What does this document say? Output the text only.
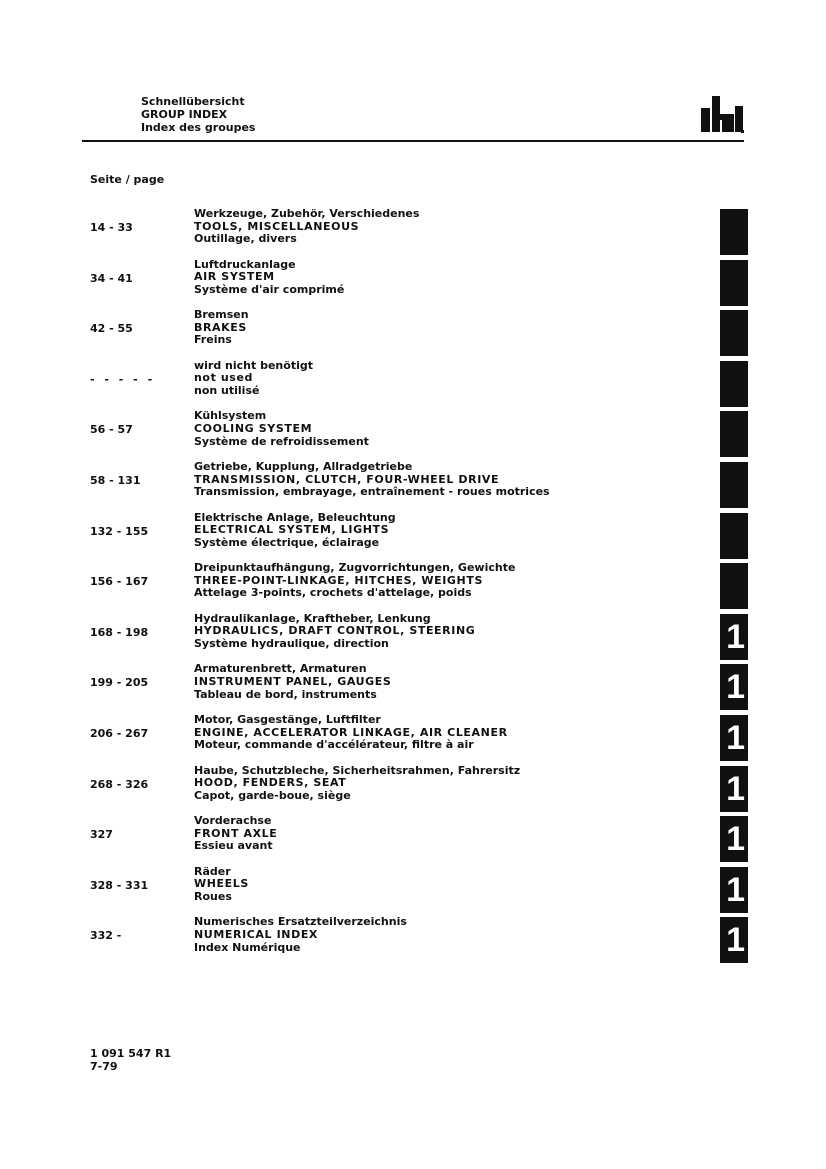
Schnellübersicht
GROUP INDEX
Index des groupes
Seite / page
14 - 33
Werkzeuge, Zubehör, Verschiedenes
TOOLS, MISCELLANEOUS
Outillage, divers
34 - 41
Luftdruckanlage
AIR SYSTEM
Système d'air comprimé
42 - 55
Bremsen
BRAKES
Freins
- - - - -
wird nicht benötigt
not used
non utilisé
56 - 57
Kühlsystem
COOLING SYSTEM
Système de refroidissement
58 - 131
Getriebe, Kupplung, Allradgetriebe
TRANSMISSION, CLUTCH, FOUR-WHEEL DRIVE
Transmission, embrayage, entraînement - roues motrices
132 - 155
Elektrische Anlage, Beleuchtung
ELECTRICAL SYSTEM, LIGHTS
Système électrique, éclairage
156 - 167
Dreipunktaufhängung, Zugvorrichtungen, Gewichte
THREE-POINT-LINKAGE, HITCHES, WEIGHTS
Attelage 3-points, crochets d'attelage, poids
168 - 198
Hydraulikanlage, Kraftheber, Lenkung
HYDRAULICS, DRAFT CONTROL, STEERING
Système hydraulique, direction
199 - 205
Armaturenbrett, Armaturen
INSTRUMENT PANEL, GAUGES
Tableau de bord, instruments
206 - 267
Motor, Gasgestänge, Luftfilter
ENGINE, ACCELERATOR LINKAGE, AIR CLEANER
Moteur, commande d'accélérateur, filtre à air
268 - 326
Haube, Schutzbleche, Sicherheitsrahmen, Fahrersitz
HOOD, FENDERS, SEAT
Capot, garde-boue, siège
327
Vorderachse
FRONT AXLE
Essieu avant
328 - 331
Räder
WHEELS
Roues
332 -
Numerisches Ersatzteilverzeichnis
NUMERICAL INDEX
Index Numérique
1
1
1
1
1
1
1
1 091 547 R1
7-79
